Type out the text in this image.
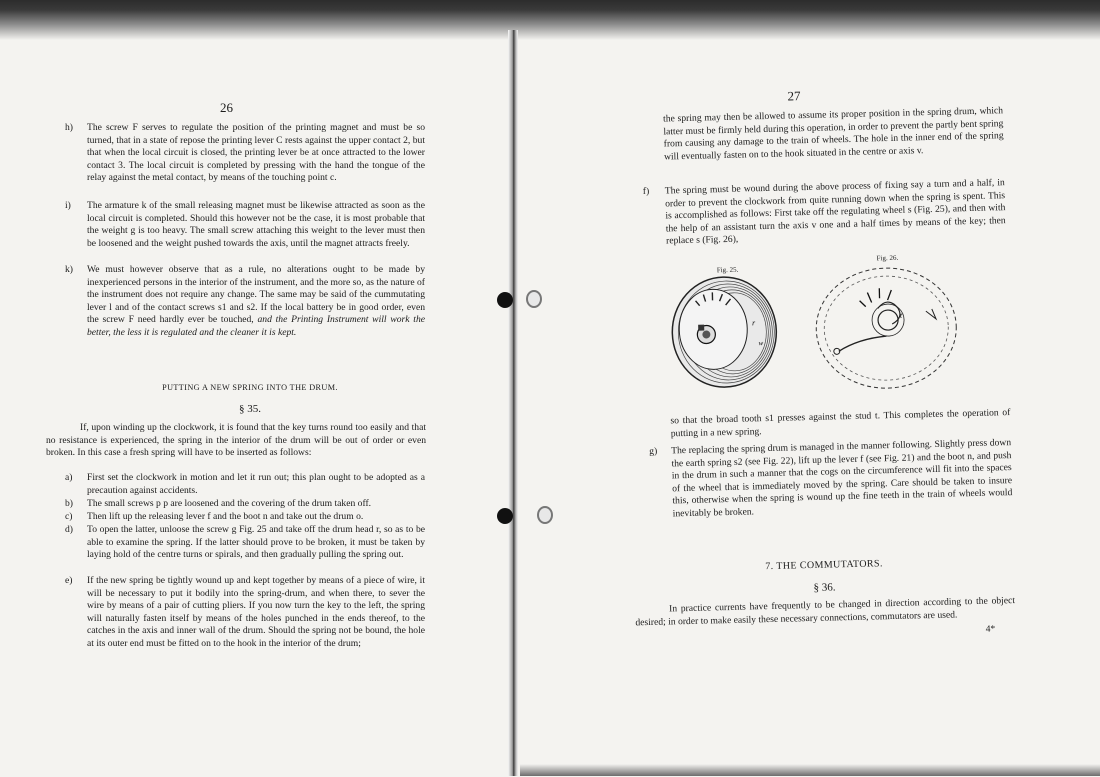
26

h) The screw F serves to regulate the position of the printing magnet and must be so turned, that in a state of repose the printing lever C rests against the upper contact 2, but that when the local circuit is closed, the printing lever be at once attracted to the lower contact 3. The local circuit is completed by pressing with the hand the tongue of the relay against the metal contact, by means of the touching point c.

i) The armature k of the small releasing magnet must be likewise attracted as soon as the local circuit is completed. Should this however not be the case, it is most probable that the weight g is too heavy. The small screw attaching this weight to the lever must then be loosened and the weight pushed towards the axis, until the magnet attracts freely.

k) We must however observe that as a rule, no alterations ought to be made by inexperienced persons in the interior of the instrument, and the more so, as the nature of the instrument does not require any change. The same may be said of the cummutating lever l and of the contact screws s1 and s2. If the local battery be in good order, even the screw F need hardly ever be touched, and the Printing Instrument will work the better, the less it is regulated and the cleaner it is kept.

PUTTING A NEW SPRING INTO THE DRUM.
§ 35.

If, upon winding up the clockwork, it is found that the key turns round too easily and that no resistance is experienced, the spring in the interior of the drum will be out of order or even broken. In this case a fresh spring will have to be inserted as follows:

a) First set the clockwork in motion and let it run out; this plan ought to be adopted as a precaution against accidents.

b) The small screws p p are loosened and the covering of the drum taken off.

c) Then lift up the releasing lever f and the boot n and take out the drum o.

d) To open the latter, unloose the screw g Fig. 25 and take off the drum head r, so as to be able to examine the spring. If the latter should prove to be broken, it must be taken by laying hold of the centre turns or spirals, and then gradually pulling the spring out.

e) If the new spring be tightly wound up and kept together by means of a piece of wire, it will be necessary to put it bodily into the spring-drum, and when there, to sever the wire by means of a pair of cutting pliers. If you now turn the key to the left, the spring will naturally fasten itself by means of the holes punched in the ends thereof, to the catches in the axis and inner wall of the drum. Should the spring not be bound, the hole at its outer end must be fitted on to the hook in the interior of the drum;

27

the spring may then be allowed to assume its proper position in the spring drum, which latter must be firmly held during this operation, in order to prevent the partly bent spring from causing any damage to the train of wheels. The hole in the inner end of the spring will eventually fasten on to the hook situated in the centre or axis v.

f) The spring must be wound during the above process of fixing say a turn and a half, in order to prevent the clockwork from quite running down when the spring is spent. This is accomplished as follows: First take off the regulating wheel s (Fig. 25), and then with the help of an assistant turn the axis v one and a half times by means of the key; then replace s (Fig. 26),

Fig. 25.
Fig. 26.
r
w
t

so that the broad tooth s1 presses against the stud t. This completes the operation of putting in a new spring.

g) The replacing the spring drum is managed in the manner following. Slightly press down the earth spring s2 (see Fig. 22), lift up the lever f (see Fig. 21) and the boot n, and push in the drum in such a manner that the cogs on the circumference will fit into the spaces of the wheel that is immediately moved by the spring. Care should be taken to insure this, otherwise when the spring is wound up the fine teeth in the train of wheels would inevitably be broken.

7. THE COMMUTATORS.
§ 36.

In practice currents have frequently to be changed in direction according to the object desired; in order to make easily these necessary connections, commutators are used.

4*
